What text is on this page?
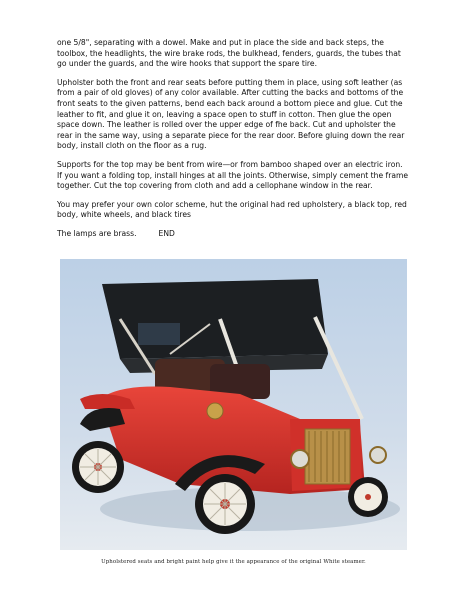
one 5/8", separating with a dowel. Make and put in place the side and back steps, the toolbox, the headlights, the wire brake rods, the bulkhead, fenders, guards, the tubes that go under the guards, and the wire hooks that support the spare tire.

Upholster both the front and rear seats before putting them in place, using soft leather (as from a pair of old gloves) of any color available. After cutting the backs and bottoms of the front seats to the given patterns, bend each back around a bottom piece and glue. Cut the leather to fit, and glue it on, leaving a space open to stuff in cotton. Then glue the open space down. The leather is rolled over the upper edge of fhe back. Cut and upholster the rear in the same way, using a separate piece for the rear door. Before gluing down the rear body, install cloth on the floor as a rug.

Supports for the top may be bent from wire—or from bamboo shaped over an electric iron. If you want a folding top, install hinges at all the joints. Otherwise, simply cement the frame together. Cut the top covering from cloth and add a cellophane window in the rear.

You may prefer your own color scheme, hut the original had red upholstery, a black top, red body, white wheels, and black tires

The lamps are brass.	END

Upholstered seats and bright paint help give it the appearance of the original White steamer.
